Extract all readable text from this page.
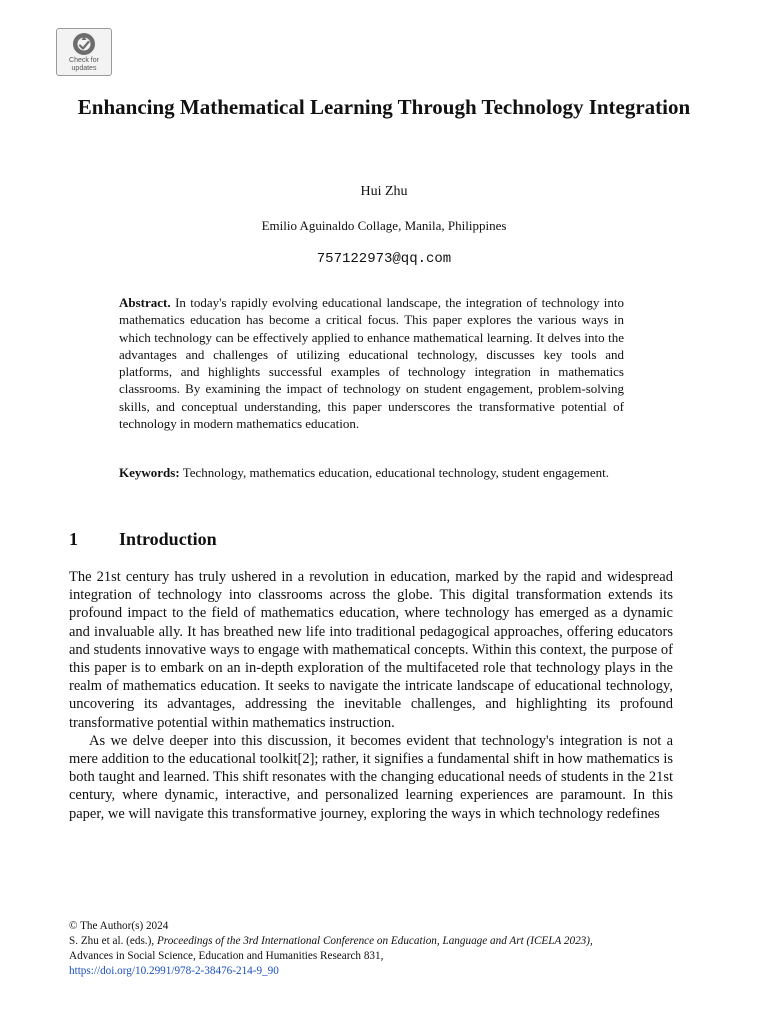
Check for
updates
Enhancing Mathematical Learning Through Technology Integration
Hui Zhu
Emilio Aguinaldo Collage, Manila, Philippines
757122973@qq.com

Abstract. In today's rapidly evolving educational landscape, the integration of technology into mathematics education has become a critical focus. This paper explores the various ways in which technology can be effectively applied to enhance mathematical learning. It delves into the advantages and challenges of utilizing educational technology, discusses key tools and platforms, and highlights successful examples of technology integration in mathematics classrooms. By examining the impact of technology on student engagement, problem-solving skills, and conceptual understanding, this paper underscores the transformative potential of technology in modern mathematics education.

Keywords: Technology, mathematics education, educational technology, student engagement.

1 Introduction

The 21st century has truly ushered in a revolution in education, marked by the rapid and widespread integration of technology into classrooms across the globe. This digital transformation extends its profound impact to the field of mathematics education, where technology has emerged as a dynamic and invaluable ally. It has breathed new life into traditional pedagogical approaches, offering educators and students innovative ways to engage with mathematical concepts. Within this context, the purpose of this paper is to embark on an in-depth exploration of the multifaceted role that technology plays in the realm of mathematics education. It seeks to navigate the intricate landscape of educational technology, uncovering its advantages, addressing the inevitable challenges, and highlighting its profound transformative potential within mathematics instruction.

As we delve deeper into this discussion, it becomes evident that technology's integration is not a mere addition to the educational toolkit[2]; rather, it signifies a fundamental shift in how mathematics is both taught and learned. This shift resonates with the changing educational needs of students in the 21st century, where dynamic, interactive, and personalized learning experiences are paramount. In this paper, we will navigate this transformative journey, exploring the ways in which technology redefines

© The Author(s) 2024
S. Zhu et al. (eds.), Proceedings of the 3rd International Conference on Education, Language and Art (ICELA 2023),
Advances in Social Science, Education and Humanities Research 831,
https://doi.org/10.2991/978-2-38476-214-9_90
